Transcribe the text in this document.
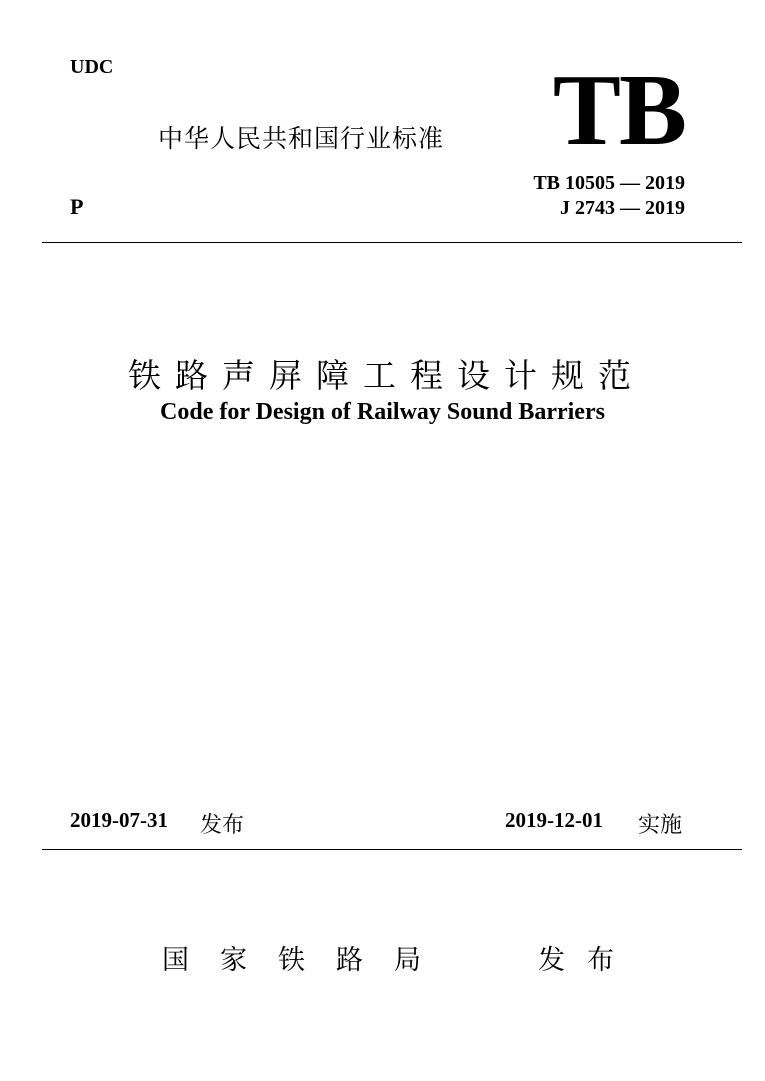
UDC
中华人民共和国行业标准 TB
P
TB 10505 — 2019
J 2743 — 2019
铁路声屏障工程设计规范
Code for Design of Railway Sound Barriers
2019-07-31 发布	2019-12-01 实施
国家铁路局	发布
